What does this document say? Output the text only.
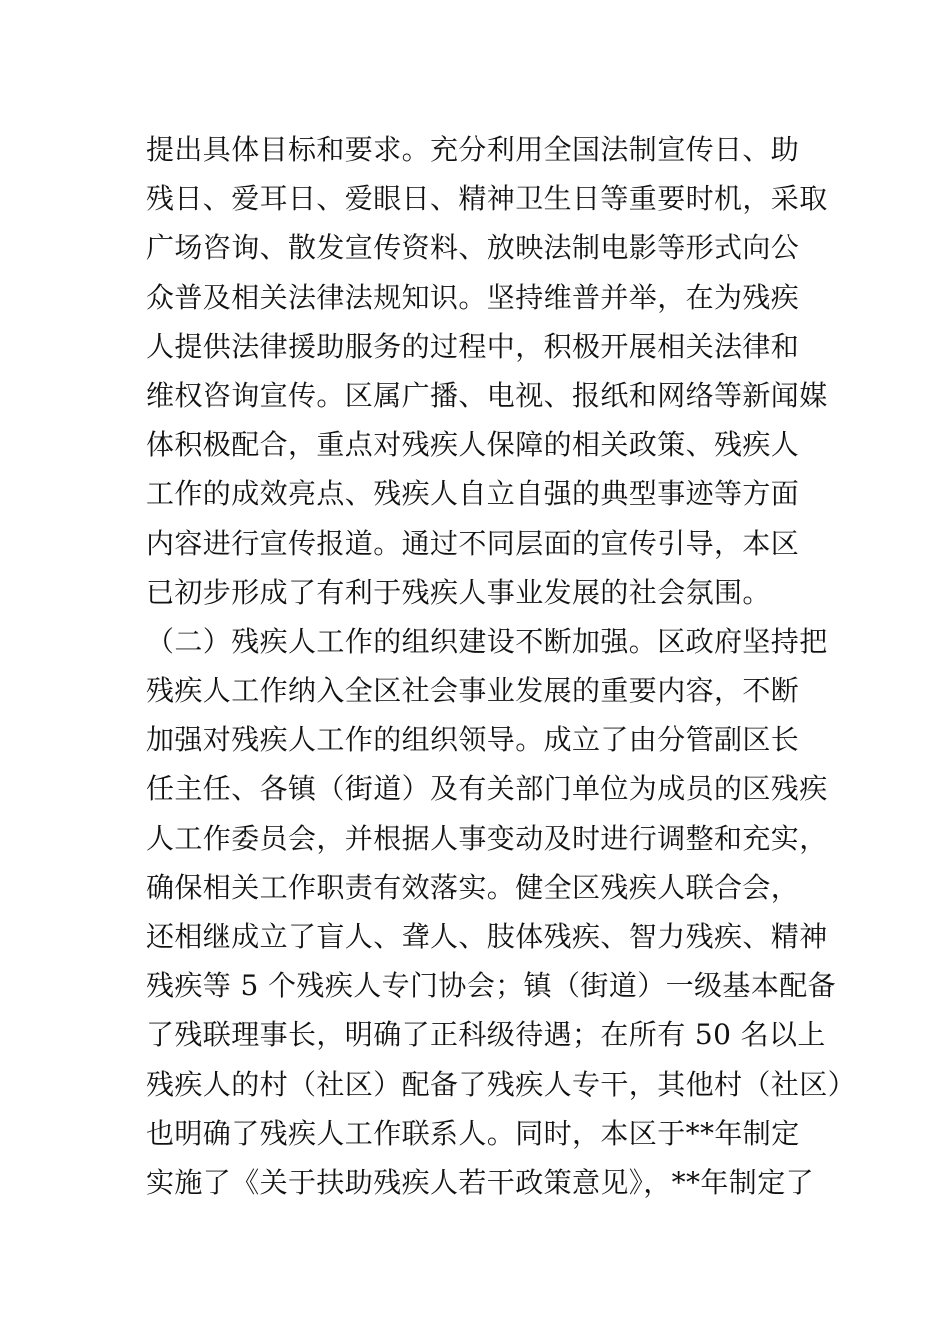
提出具体目标和要求。充分利用全国法制宣传日、助
残日、爱耳日、爱眼日、精神卫生日等重要时机，采取
广场咨询、散发宣传资料、放映法制电影等形式向公
众普及相关法律法规知识。坚持维普并举，在为残疾
人提供法律援助服务的过程中，积极开展相关法律和
维权咨询宣传。区属广播、电视、报纸和网络等新闻媒
体积极配合，重点对残疾人保障的相关政策、残疾人
工作的成效亮点、残疾人自立自强的典型事迹等方面
内容进行宣传报道。通过不同层面的宣传引导，本区
已初步形成了有利于残疾人事业发展的社会氛围。
（二）残疾人工作的组织建设不断加强。区政府坚持把
残疾人工作纳入全区社会事业发展的重要内容，不断
加强对残疾人工作的组织领导。成立了由分管副区长
任主任、各镇（街道）及有关部门单位为成员的区残疾
人工作委员会，并根据人事变动及时进行调整和充实，
确保相关工作职责有效落实。健全区残疾人联合会，
还相继成立了盲人、聋人、肢体残疾、智力残疾、精神
残疾等 5 个残疾人专门协会；镇（街道）一级基本配备
了残联理事长，明确了正科级待遇；在所有 50 名以上
残疾人的村（社区）配备了残疾人专干，其他村（社区）
也明确了残疾人工作联系人。同时，本区于**年制定
实施了《关于扶助残疾人若干政策意见》，**年制定了
